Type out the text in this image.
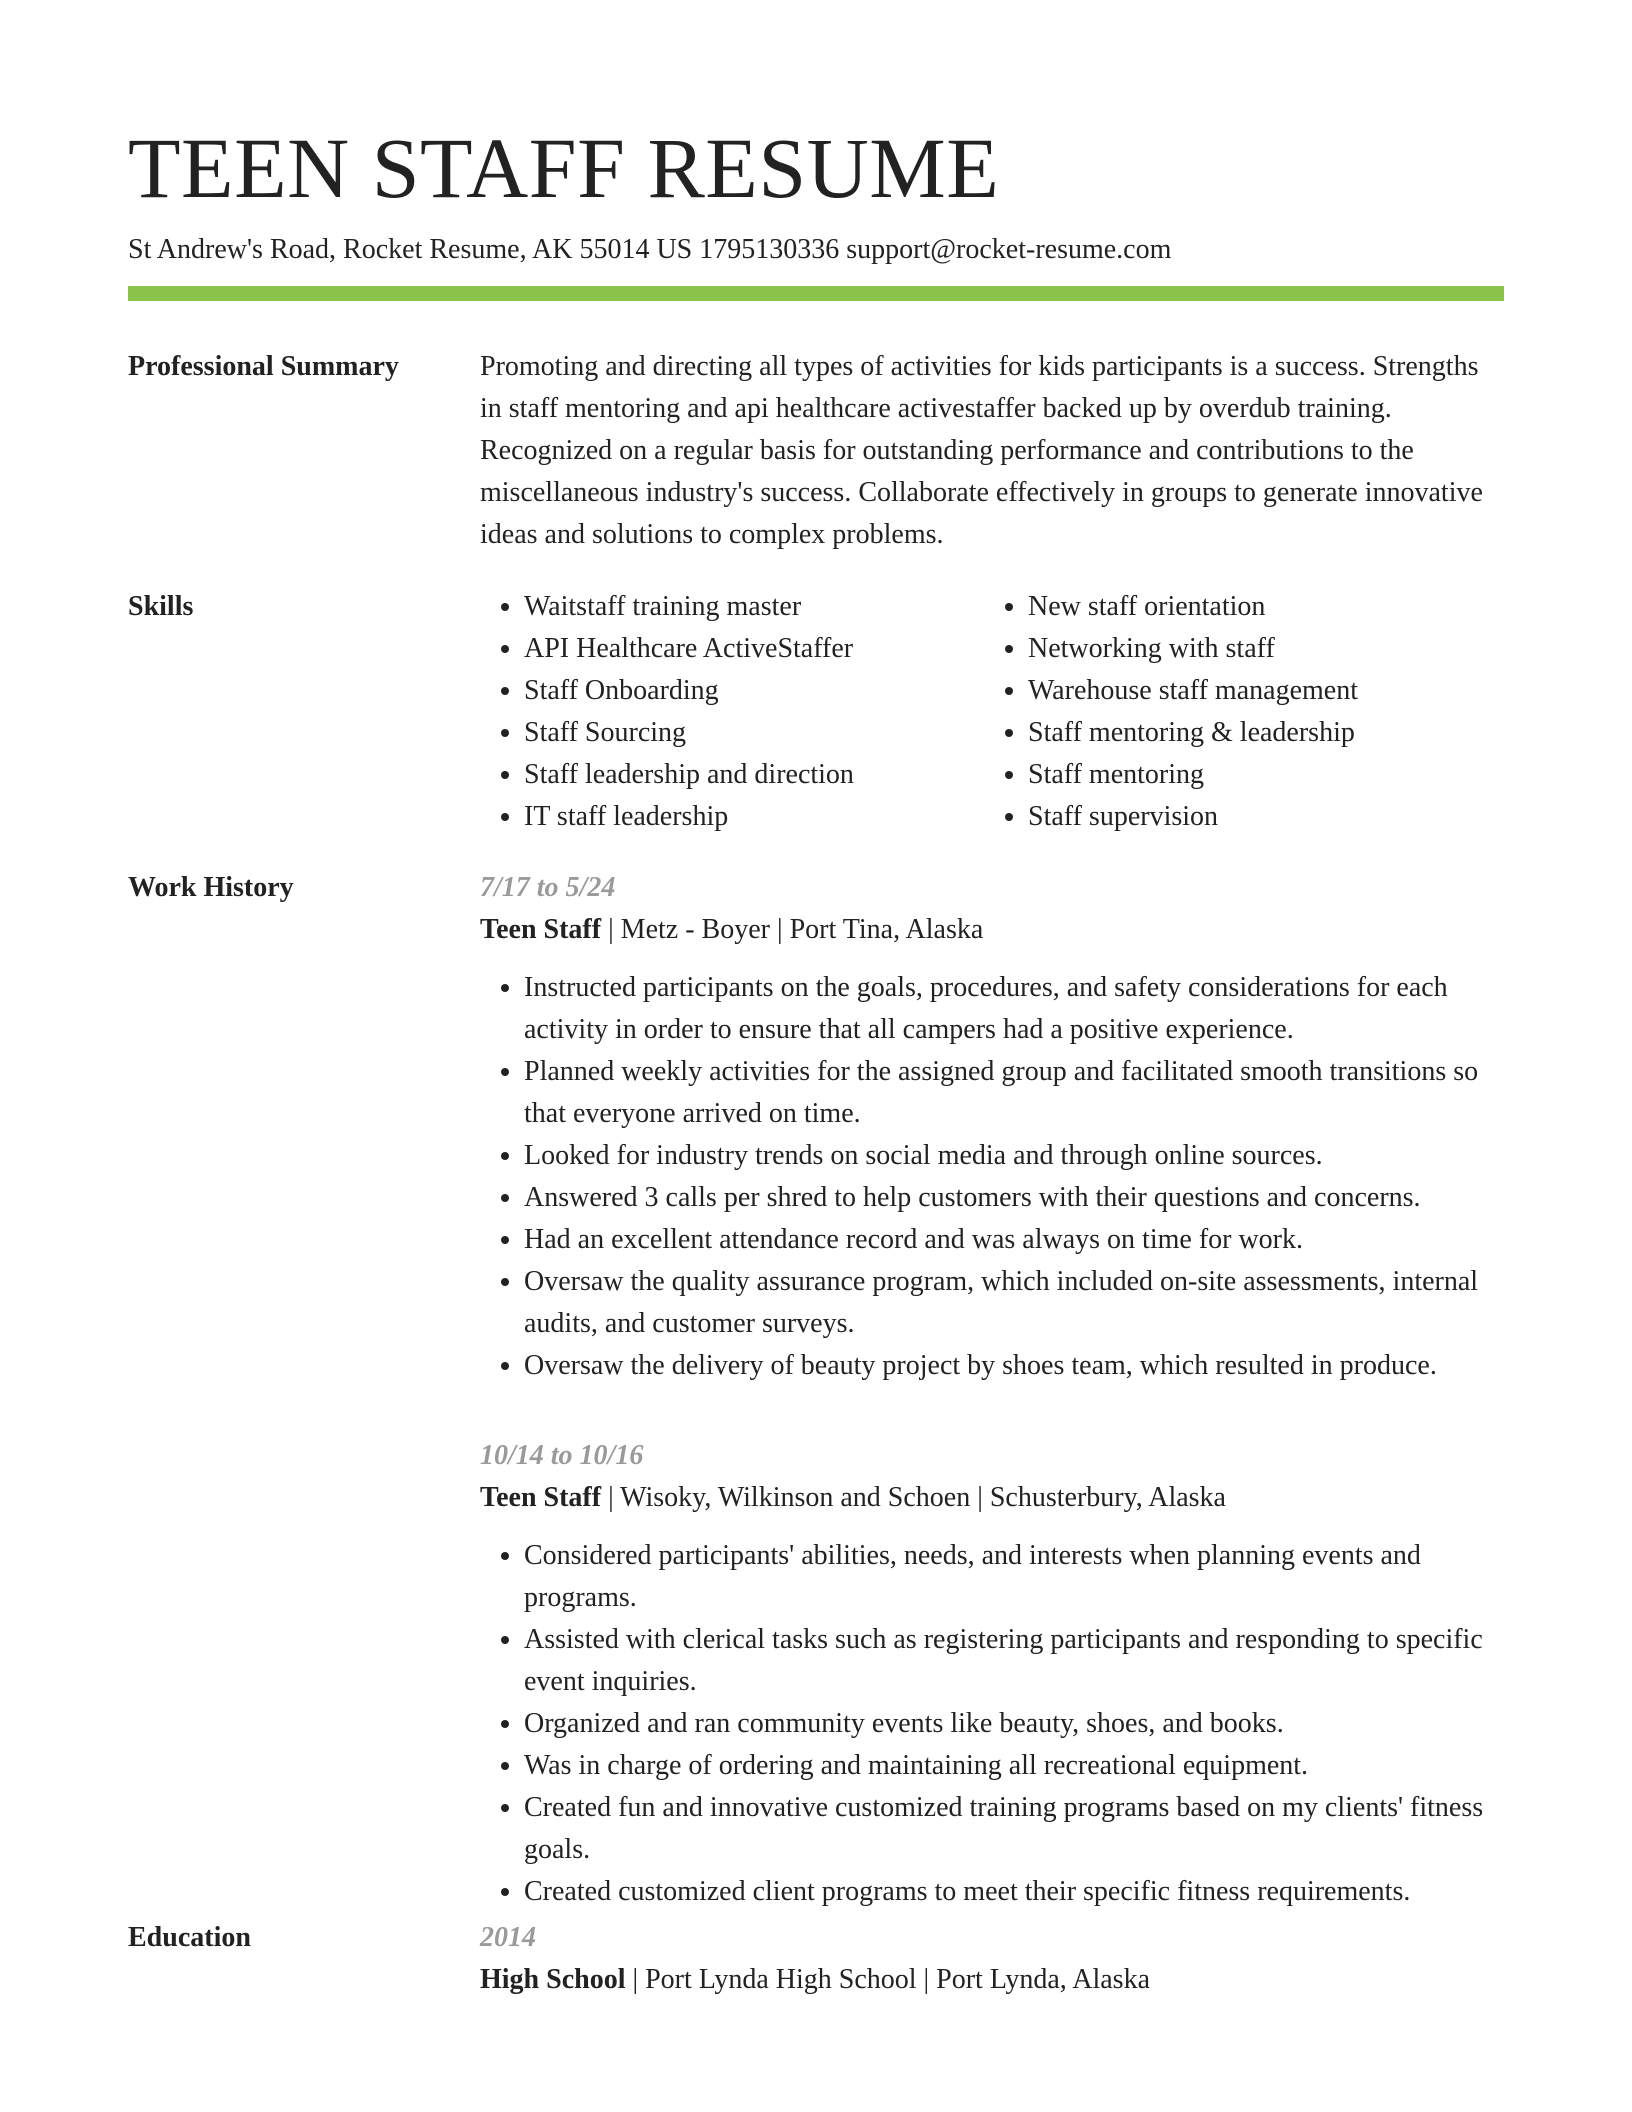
TEEN STAFF RESUME
St Andrew's Road, Rocket Resume, AK 55014 US 1795130336 support@rocket-resume.com
Professional Summary	Promoting and directing all types of activities for kids participants is a success. Strengths in staff mentoring and api healthcare activestaffer backed up by overdub training. Recognized on a regular basis for outstanding performance and contributions to the miscellaneous industry's success. Collaborate effectively in groups to generate innovative ideas and solutions to complex problems.

Skills
•	Waitstaff training master
• API Healthcare ActiveStaffer
• Staff Onboarding
• Staff Sourcing
• Staff leadership and direction
• IT staff leadership
• New staff orientation
• Networking with staff
• Warehouse staff management
• Staff mentoring & leadership
• Staff mentoring
• Staff supervision
Work History	7/17 to 5/24
Teen Staff | Metz - Boyer | Port Tina, Alaska
• Instructed participants on the goals, procedures, and safety considerations for each activity in order to ensure that all campers had a positive experience.
• Planned weekly activities for the assigned group and facilitated smooth transitions so that everyone arrived on time.
• Looked for industry trends on social media and through online sources.
• Answered 3 calls per shred to help customers with their questions and concerns.
• Had an excellent attendance record and was always on time for work.
• Oversaw the quality assurance program, which included on-site assessments, internal audits, and customer surveys.
• Oversaw the delivery of beauty project by shoes team, which resulted in produce.
10/14 to 10/16
Teen Staff | Wisoky, Wilkinson and Schoen | Schusterbury, Alaska
• Considered participants' abilities, needs, and interests when planning events and programs.
• Assisted with clerical tasks such as registering participants and responding to specific event inquiries.
• Organized and ran community events like beauty, shoes, and books.
• Was in charge of ordering and maintaining all recreational equipment.
• Created fun and innovative customized training programs based on my clients' fitness goals.
• Created customized client programs to meet their specific fitness requirements.
Education	2014
High School | Port Lynda High School | Port Lynda, Alaska
